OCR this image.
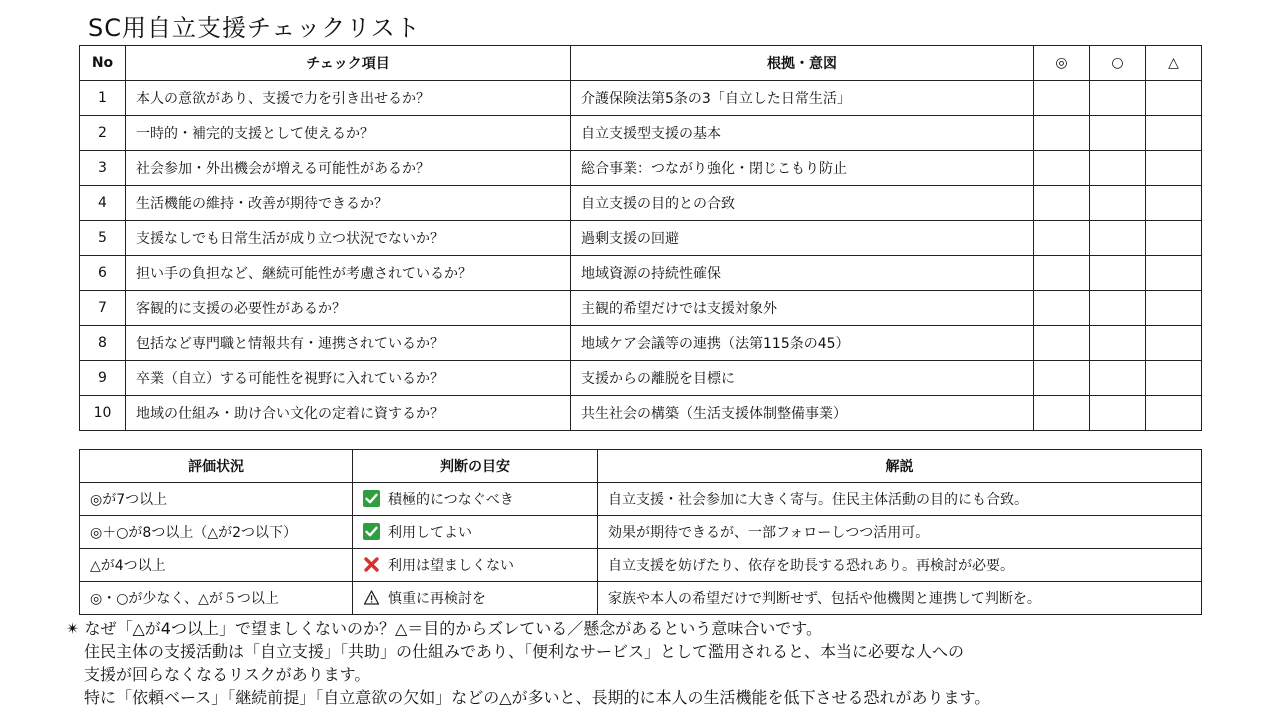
SC用自立支援チェックリスト
No	チェック項目	根拠・意図	◎	○	△
1	本人の意欲があり、支援で力を引き出せるか？	介護保険法第5条の3「自立した日常生活」			
2	一時的・補完的支援として使えるか？	自立支援型支援の基本			
3	社会参加・外出機会が増える可能性があるか？	総合事業：つながり強化・閉じこもり防止			
4	生活機能の維持・改善が期待できるか？	自立支援の目的との合致			
5	支援なしでも日常生活が成り立つ状況でないか？	過剰支援の回避			
6	担い手の負担など、継続可能性が考慮されているか？	地域資源の持続性確保			
7	客観的に支援の必要性があるか？	主観的希望だけでは支援対象外			
8	包括など専門職と情報共有・連携されているか？	地域ケア会議等の連携（法第115条の45）			
9	卒業（自立）する可能性を視野に入れているか？	支援からの離脱を目標に			
10	地域の仕組み・助け合い文化の定着に資するか？	共生社会の構築（生活支援体制整備事業）			
評価状況	判断の目安	解説
◎が7つ以上	積極的につなぐべき	自立支援・社会参加に大きく寄与。住民主体活動の目的にも合致。
◎＋○が8つ以上（△が2つ以下）	利用してよい	効果が期待できるが、一部フォローしつつ活用可。
△が4つ以上	利用は望ましくない	自立支援を妨げたり、依存を助長する恐れあり。再検討が必要。
◎・○が少なく、△が５つ以上	慎重に再検討を	家族や本人の希望だけで判断せず、包括や他機関と連携して判断を。
✴ なぜ「△が4つ以上」で望ましくないのか？△＝目的からズレている／懸念があるという意味合いです。
住民主体の支援活動は「自立支援」「共助」の仕組みであり、「便利なサービス」として濫用されると、本当に必要な人への
支援が回らなくなるリスクがあります。
特に「依頼ベース」「継続前提」「自立意欲の欠如」などの△が多いと、長期的に本人の生活機能を低下させる恐れがあります。
